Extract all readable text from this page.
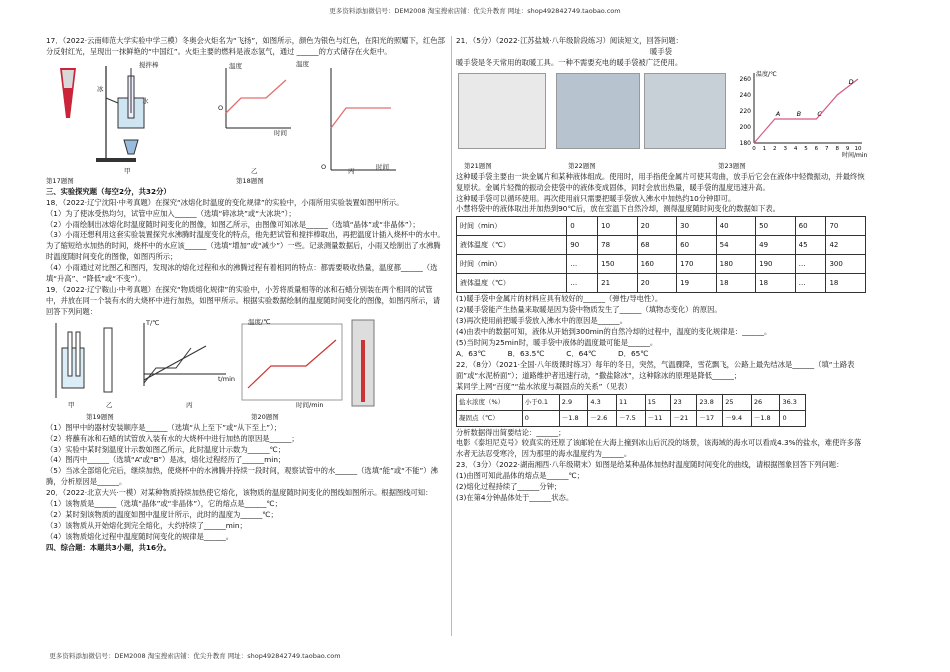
更多资料添加微信号：DEM2008 淘宝搜索店铺：优尖升教育 网址：shop492842749.taobao.com

17．（2022·云南师范大学实验中学三模）冬奥会火炬名为“飞扬”，如图所示，颜色为银色与红色，在阳光的照耀下，红色部分反射红光，呈现出一抹鲜艳的“中国红”。火炬主要的燃料是液态氢气，通过 ______的方式储存在火炬中。

搅拌棒
水
冰
温度
O
时间
温度
O	时间
甲	乙	丙
第17题图	第18题图

三、实验探究题（每空2分，共32分）

18．（2022·辽宁沈阳·中考真题）在探究“冰熔化时温度的变化规律”的实验中，小雨所用实验装置如图甲所示。

（1）为了使冰受热均匀，试管中应加入______（选填“碎冰块”或“大冰块”）；

（2）小雨绘制出冰熔化时温度随时间变化的图像，如图乙所示，由图像可知冰是______（选填“晶体”或“非晶体”）；

（3）小雨还想利用这套实验装置探究水沸腾时温度变化的特点，他先把试管和搅拌棒取出，再把温度计插入烧杯中的水中。为了缩短给水加热的时间，烧杯中的水应该______（选填“增加”或“减少”）一些。记录测量数据后，小雨又绘制出了水沸腾时温度随时间变化的图像，如图丙所示；

（4）小雨通过对比图乙和图丙，发现冰的熔化过程和水的沸腾过程有着相同的特点：都需要吸收热量，温度都______（选填“升高”、“降低”或“不变”）。

19．（2022·辽宁鞍山·中考真题）在探究“物质熔化规律”的实验中，小芳将质量相等的冰和石蜡分别装在两个相同的试管中，并放在同一个装有水的大烧杯中进行加热，如图甲所示。根据实验数据绘制的温度随时间变化的图像，如图丙所示，请回答下列问题：

T/℃
t/min
温度/℃
时间/min
甲	乙	丙
第19题图	第20题图

（1）图甲中的器材安装顺序是______（选填“从上至下”或“从下至上”）；

（2）将蘸有冰和石蜡的试管放入装有水的大烧杯中进行加热的原因是______；

（3）实验中某时刻温度计示数如图乙所示，此时温度计示数为______℃；

（4）图丙中______（选填“A”或“B”）是冰，熔化过程经历了______min；

（5）当冰全部熔化完后，继续加热，使烧杯中的水沸腾并持续一段时间，观察试管中的水______（选填“能”或“不能”）沸腾，分析原因是______。

20．（2022·北京大兴·一模）对某种物质持续加热使它熔化，该物质的温度随时间变化的图线如图所示。根据图线可知：

（1）该物质是______（选填“晶体”或“非晶体”），它的熔点是______℃；

（2）某时刻该物质的温度如图中温度计所示，此时的温度为______℃；

（3）该物质从开始熔化到完全熔化，大约持续了______min；

（4）该物质熔化过程中温度随时间变化的规律是______。

四、综合题：本题共3小题，共16分。

21．（5分）（2022·江苏盐城·八年级阶段练习）阅读短文，回答问题：

暖手袋

暖手袋是冬天常用的取暖工具。一种不需要充电的暖手袋被广泛使用。

180
200
220
240
260
0 1 2 3 4 5 6 7 8 9 10
A	B	C
D
温度/℃
时间/min
第21题图	第22题图	第23题图

这种暖手袋主要由一块金属片和某种液体组成。使用时，用手指使金属片可使其弯曲，放手后它会在液体中轻微振动，并最终恢复原状。金属片轻微的振动会使袋中的液体变成固体，同时会放出热量，暖手袋的温度迅速升高。

这种暖手袋可以循环使用。再次使用前只需要把暖手袋放入沸水中加热约10分钟即可。

小慧将袋中的液体取出并加热到90℃后，放在室温下自然冷却，测得温度随时间变化的数据如下表。

时间（min）	0	10	20	30	40	50	60	70
液体温度（℃）	90	78	68	60	54	49	45	42
时间（min）	…	150	160	170	180	190	…	300
液体温度（℃）	…	21	20	19	18	18	…	18

(1)暖手袋中金属片的材料应具有较好的______（弹性/导电性）。

(2)暖手袋能产生热量来取暖是因为袋中物质发生了______（填物态变化）的原因。

(3)再次使用前把暖手袋放入沸水中的原因是______。

(4)由表中的数据可知，液体从开始到300min的自然冷却的过程中，温度的变化规律是：______。

(5)当时间为25min时，暖手袋中液体的温度最可能是______。

A．63℃　　　B．63.5℃　　　C．64℃　　　D．65℃

22．（8分）（2021·全国·八年级课时练习）每年的冬日，突然，气温骤降，雪花飘飞，公路上最先结冰是______（填“土路表面”或“水泥桥面”）；道路维护者迅速行动，“撒盐除冰”，这种除冰的原理是降低______；

某同学上网“百度”“盐水浓度与凝固点的关系”（见表）

盐水浓度（%）	小于0.1	2.9	4.3	11	15	23	23.8	25	26	36.3
凝固点（℃）	0	－1.8	－2.6	－7.5	－11	－21	－17	－9.4	－1.8	0

分析数据得出简要结论：______；

电影《泰坦尼克号》较真实的还原了该邮轮在大海上撞到冰山后沉没的场景，该海域的海水可以看成4.3%的盐水，难使许多落水者无法忍受寒冷，因为那里的海水温度约为______。

23．（3分）（2022·湖南湘西·八年级期末）如图是给某种晶体加热时温度随时间变化的曲线，请根据图象回答下列问题：

(1)由图可知此晶体的熔点是______℃；

(2)熔化过程持续了______分钟；

(3)在第4分钟晶体处于______状态。

更多资料添加微信号：DEM2008 淘宝搜索店铺：优尖升教育 网址：shop492842749.taobao.com
